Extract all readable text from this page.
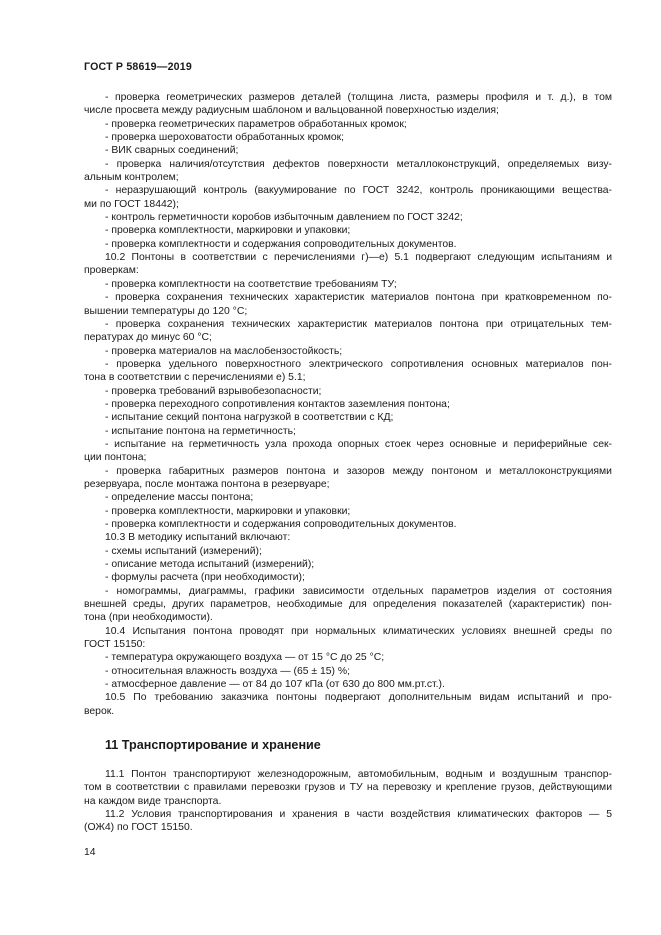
ГОСТ Р 58619—2019
- проверка геометрических размеров деталей (толщина листа, размеры профиля и т. д.), в том
числе просвета между радиусным шаблоном и вальцованной поверхностью изделия;
- проверка геометрических параметров обработанных кромок;
- проверка шероховатости обработанных кромок;
- ВИК сварных соединений;
- проверка наличия/отсутствия дефектов поверхности металлоконструкций, определяемых визу-
альным контролем;
- неразрушающий контроль (вакуумирование по ГОСТ 3242, контроль проникающими вещества-
ми по ГОСТ 18442);
- контроль герметичности коробов избыточным давлением по ГОСТ 3242;
- проверка комплектности, маркировки и упаковки;
- проверка комплектности и содержания сопроводительных документов.
10.2 Понтоны в соответствии с перечислениями г)—е) 5.1 подвергают следующим испытаниям и
проверкам:
- проверка комплектности на соответствие требованиям ТУ;
- проверка сохранения технических характеристик материалов понтона при кратковременном по-
вышении температуры до 120 °С;
- проверка сохранения технических характеристик материалов понтона при отрицательных тем-
пературах до минус 60 °С;
- проверка материалов на маслобензостойкость;
- проверка удельного поверхностного электрического сопротивления основных материалов пон-
тона в соответствии с перечислениями е) 5.1;
- проверка требований взрывобезопасности;
- проверка переходного сопротивления контактов заземления понтона;
- испытание секций понтона нагрузкой в соответствии с КД;
- испытание понтона на герметичность;
- испытание на герметичность узла прохода опорных стоек через основные и периферийные сек-
ции понтона;
- проверка габаритных размеров понтона и зазоров между понтоном и металлоконструкциями
резервуара, после монтажа понтона в резервуаре;
- определение массы понтона;
- проверка комплектности, маркировки и упаковки;
- проверка комплектности и содержания сопроводительных документов.
10.3 В методику испытаний включают:
- схемы испытаний (измерений);
- описание метода испытаний (измерений);
- формулы расчета (при необходимости);
- номограммы, диаграммы, графики зависимости отдельных параметров изделия от состояния
внешней среды, других параметров, необходимые для определения показателей (характеристик) пон-
тона (при необходимости).
10.4 Испытания понтона проводят при нормальных климатических условиях внешней среды по
ГОСТ 15150:
- температура окружающего воздуха — от 15 °С до 25 °С;
- относительная влажность воздуха — (65 ± 15) %;
- атмосферное давление — от 84 до 107 кПа (от 630 до 800 мм.рт.ст.).
10.5 По требованию заказчика понтоны подвергают дополнительным видам испытаний и про-
верок.
11 Транспортирование и хранение
11.1 Понтон транспортируют железнодорожным, автомобильным, водным и воздушным транспор-
том в соответствии с правилами перевозки грузов и ТУ на перевозку и крепление грузов, действующими
на каждом виде транспорта.
11.2 Условия транспортирования и хранения в части воздействия климатических факторов — 5
(ОЖ4) по ГОСТ 15150.
14
